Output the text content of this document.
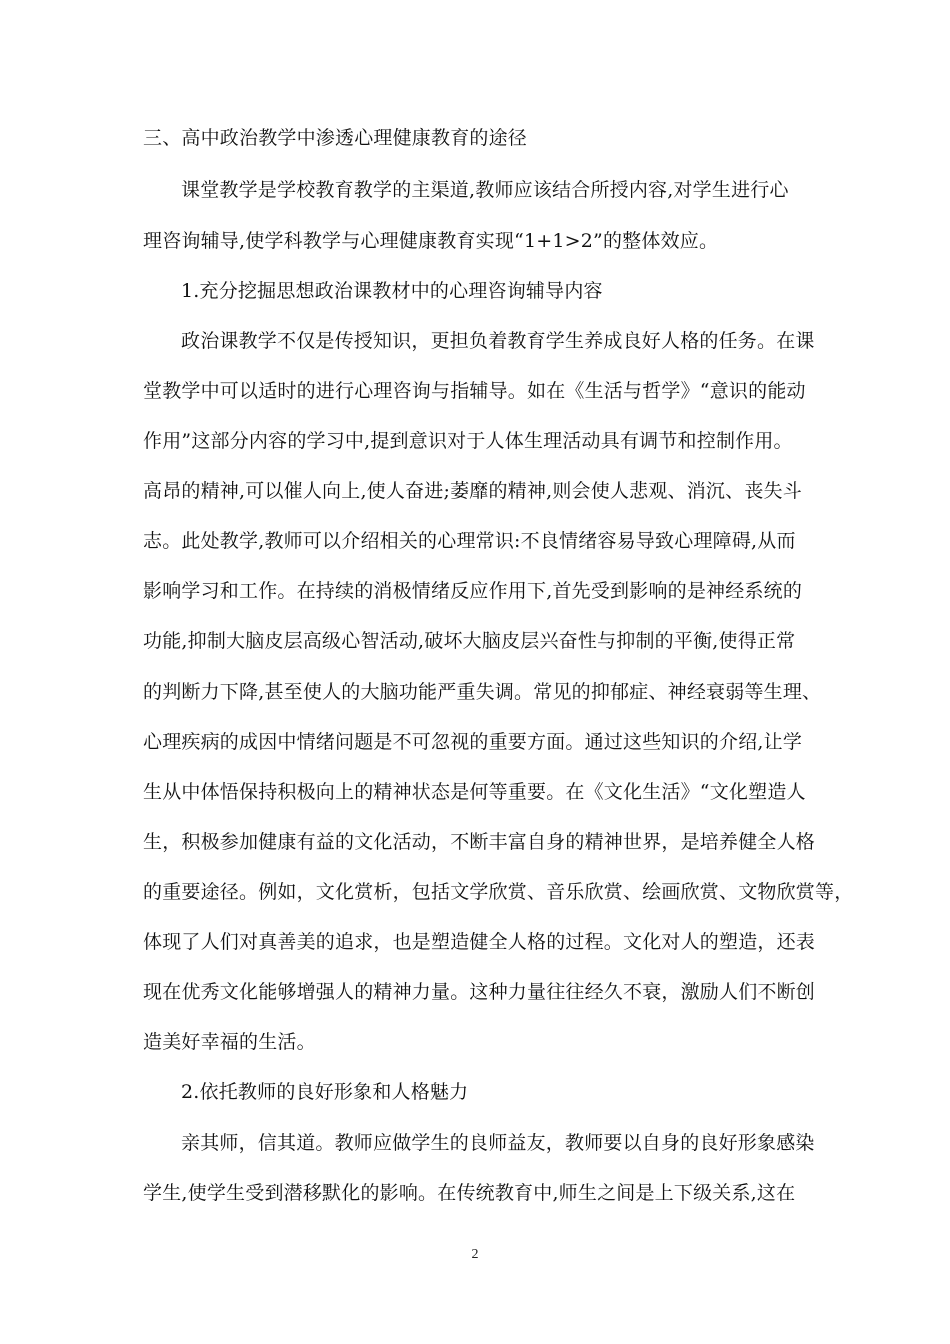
三、高中政治教学中渗透心理健康教育的途径
课堂教学是学校教育教学的主渠道,教师应该结合所授内容,对学生进行心
理咨询辅导,使学科教学与心理健康教育实现“1+1>2”的整体效应。
1.充分挖掘思想政治课教材中的心理咨询辅导内容
政治课教学不仅是传授知识，更担负着教育学生养成良好人格的任务。在课
堂教学中可以适时的进行心理咨询与指辅导。如在《生活与哲学》“意识的能动
作用”这部分内容的学习中,提到意识对于人体生理活动具有调节和控制作用。
高昂的精神,可以催人向上,使人奋进;萎靡的精神,则会使人悲观、消沉、丧失斗
志。此处教学,教师可以介绍相关的心理常识:不良情绪容易导致心理障碍,从而
影响学习和工作。在持续的消极情绪反应作用下,首先受到影响的是神经系统的
功能,抑制大脑皮层高级心智活动,破坏大脑皮层兴奋性与抑制的平衡,使得正常
的判断力下降,甚至使人的大脑功能严重失调。常见的抑郁症、神经衰弱等生理、
心理疾病的成因中情绪问题是不可忽视的重要方面。通过这些知识的介绍,让学
生从中体悟保持积极向上的精神状态是何等重要。在《文化生活》“文化塑造人
生，积极参加健康有益的文化活动，不断丰富自身的精神世界，是培养健全人格
的重要途径。例如，文化赏析，包括文学欣赏、音乐欣赏、绘画欣赏、文物欣赏等，
体现了人们对真善美的追求，也是塑造健全人格的过程。文化对人的塑造，还表
现在优秀文化能够增强人的精神力量。这种力量往往经久不衰，激励人们不断创
造美好幸福的生活。
2.依托教师的良好形象和人格魅力
亲其师，信其道。教师应做学生的良师益友，教师要以自身的良好形象感染
学生,使学生受到潜移默化的影响。在传统教育中,师生之间是上下级关系,这在
2
